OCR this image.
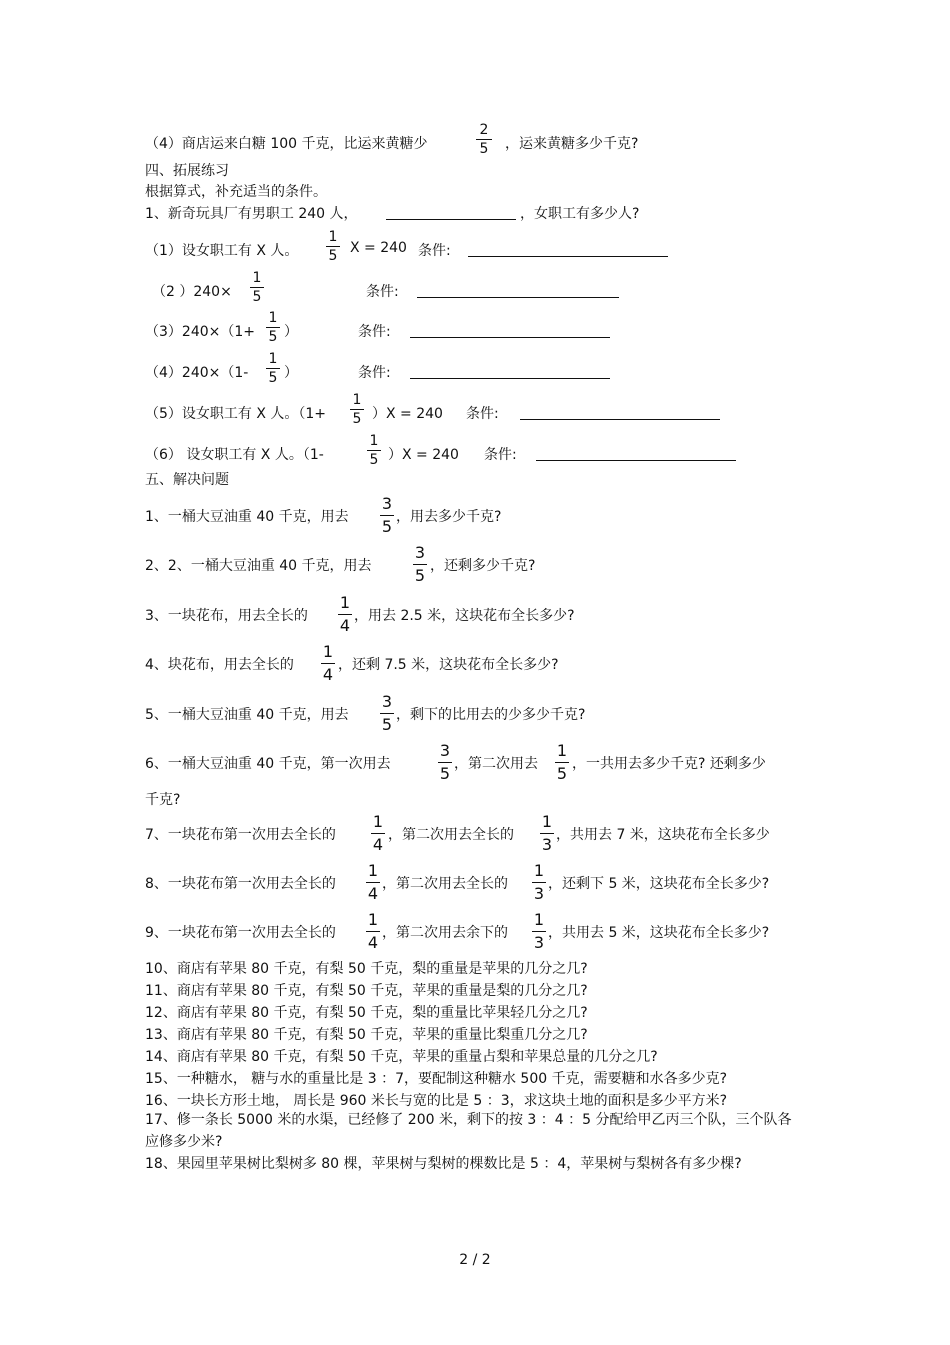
（4）商店运来白糖 100 千克，比运来黄糖少
2
5 ，运来黄糖多少千克?
四、拓展练习
根据算式，补充适当的条件。
1、新奇玩具厂有男职工 240 人，	，女职工有多少人?
（1）设女职工有 X 人。
1
5 X = 240 条件:
（2 ）240×
1
5	条件:
（3）240×（1+
1
5 ）	条件:
（4）240×（1-
1
5 ）	条件:
（5）设女职工有 X 人。（1+
1
5 ）X = 240 条件:
（6） 设女职工有 X 人。（1-
1
5 ）X = 240 条件:
五、解决问题
1、一桶大豆油重 40 千克，用去
3
5 ，用去多少千克?
2、2、一桶大豆油重 40 千克，用去
3
5 ，还剩多少千克?
3、一块花布，用去全长的
1
4 ，用去 2.5 米，这块花布全长多少?
4、块花布，用去全长的
1
4 ，还剩 7.5 米，这块花布全长多少?
5、一桶大豆油重 40 千克，用去
3
5 ，剩下的比用去的少多少千克?
6、一桶大豆油重 40 千克，第一次用去
3
5 ，第二次用去
1
5 ，一共用去多少千克? 还剩多少
千克?
7、一块花布第一次用去全长的
1
4 ，第二次用去全长的
1
3 ，共用去 7 米，这块花布全长多少
8、一块花布第一次用去全长的
1
4 ，第二次用去全长的
1
3 ，还剩下 5 米，这块花布全长多少?
9、一块花布第一次用去全长的
1
4 ，第二次用去余下的
1
3 ，共用去 5 米，这块花布全长多少?
10、商店有苹果 80 千克，有梨 50 千克，梨的重量是苹果的几分之几?
11、商店有苹果 80 千克，有梨 50 千克，苹果的重量是梨的几分之几?
12、商店有苹果 80 千克，有梨 50 千克，梨的重量比苹果轻几分之几?
13、商店有苹果 80 千克，有梨 50 千克，苹果的重量比梨重几分之几?
14、商店有苹果 80 千克，有梨 50 千克，苹果的重量占梨和苹果总量的几分之几?
15、一种糖水， 糖与水的重量比是 3 ：7，要配制这种糖水 500 千克，需要糖和水各多少克?
16、一块长方形土地， 周长是 960 米长与宽的比是 5 ：3，求这块土地的面积是多少平方米?
17、修一条长 5000 米的水渠，已经修了 200 米，剩下的按 3 ：4 ：5 分配给甲乙丙三个队，三个队各应修多少米?
18、果园里苹果树比梨树多 80 棵，苹果树与梨树的棵数比是 5 ：4，苹果树与梨树各有多少棵?
2 / 2
